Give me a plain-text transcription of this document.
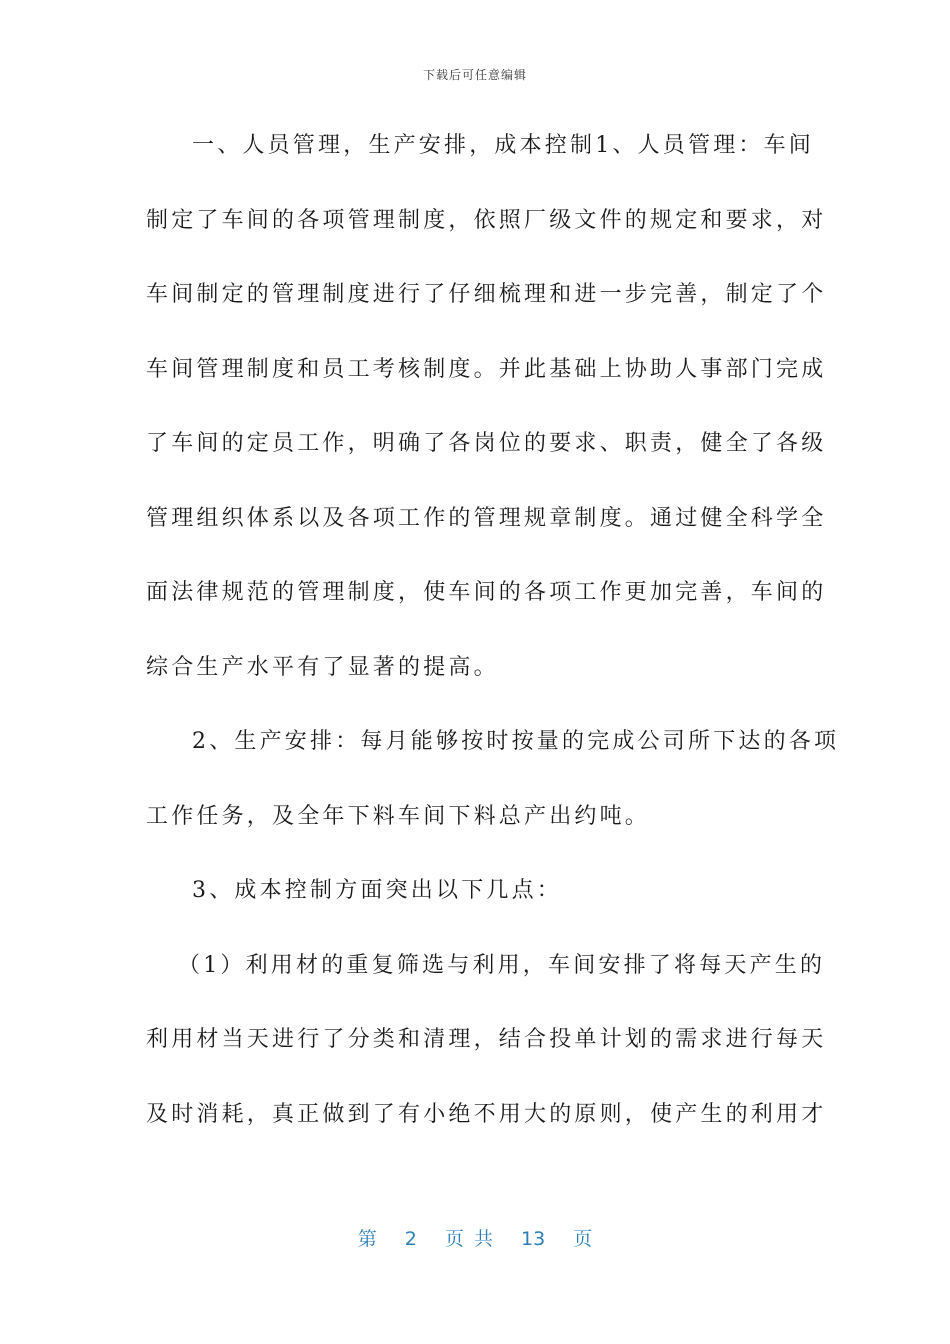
下载后可任意编辑
一、人员管理，生产安排，成本控制1、人员管理：车间
制定了车间的各项管理制度，依照厂级文件的规定和要求，对
车间制定的管理制度进行了仔细梳理和进一步完善，制定了个
车间管理制度和员工考核制度。并此基础上协助人事部门完成
了车间的定员工作，明确了各岗位的要求、职责，健全了各级
管理组织体系以及各项工作的管理规章制度。通过健全科学全
面法律规范的管理制度，使车间的各项工作更加完善，车间的
综合生产水平有了显著的提高。
2、生产安排：每月能够按时按量的完成公司所下达的各项
工作任务，及全年下料车间下料总产出约吨。
3、成本控制方面突出以下几点：
（1）利用材的重复筛选与利用，车间安排了将每天产生的
利用材当天进行了分类和清理，结合投单计划的需求进行每天
及时消耗，真正做到了有小绝不用大的原则，使产生的利用才
第 2 页 共 13 页
